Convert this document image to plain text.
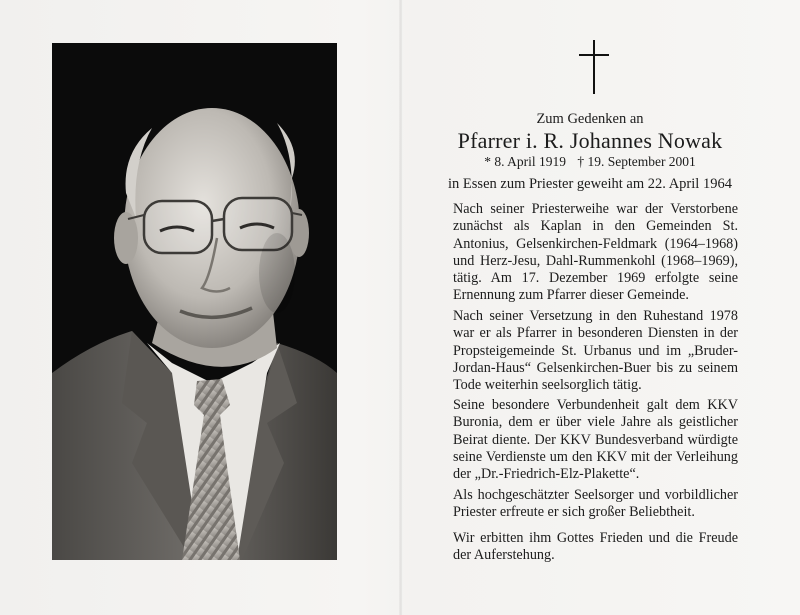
Zum Gedenken an
Pfarrer i. R. Johannes Nowak
* 8. April 1919 † 19. September 2001
in Essen zum Priester geweiht am 22. April 1964
Nach seiner Priesterweihe war der Verstorbene zunächst als Kaplan in den Gemeinden St. Antonius, Gelsenkirchen-Feldmark (1964–1968) und Herz-Jesu, Dahl-Rummenkohl (1968–1969), tätig. Am 17. Dezember 1969 erfolgte seine Ernennung zum Pfarrer dieser Gemeinde.
Nach seiner Versetzung in den Ruhestand 1978 war er als Pfarrer in besonderen Diensten in der Propsteigemeinde St. Urbanus und im „Bruder-Jordan-Haus“ Gelsenkirchen-Buer bis zu seinem Tode weiterhin seelsorglich tätig.
Seine besondere Verbundenheit galt dem KKV Buronia, dem er über viele Jahre als geistlicher Beirat diente. Der KKV Bundesverband würdigte seine Verdienste um den KKV mit der Verleihung der „Dr.-Friedrich-Elz-Plakette“.
Als hochgeschätzter Seelsorger und vorbildlicher Priester erfreute er sich großer Beliebtheit.
Wir erbitten ihm Gottes Frieden und die Freude der Auferstehung.
